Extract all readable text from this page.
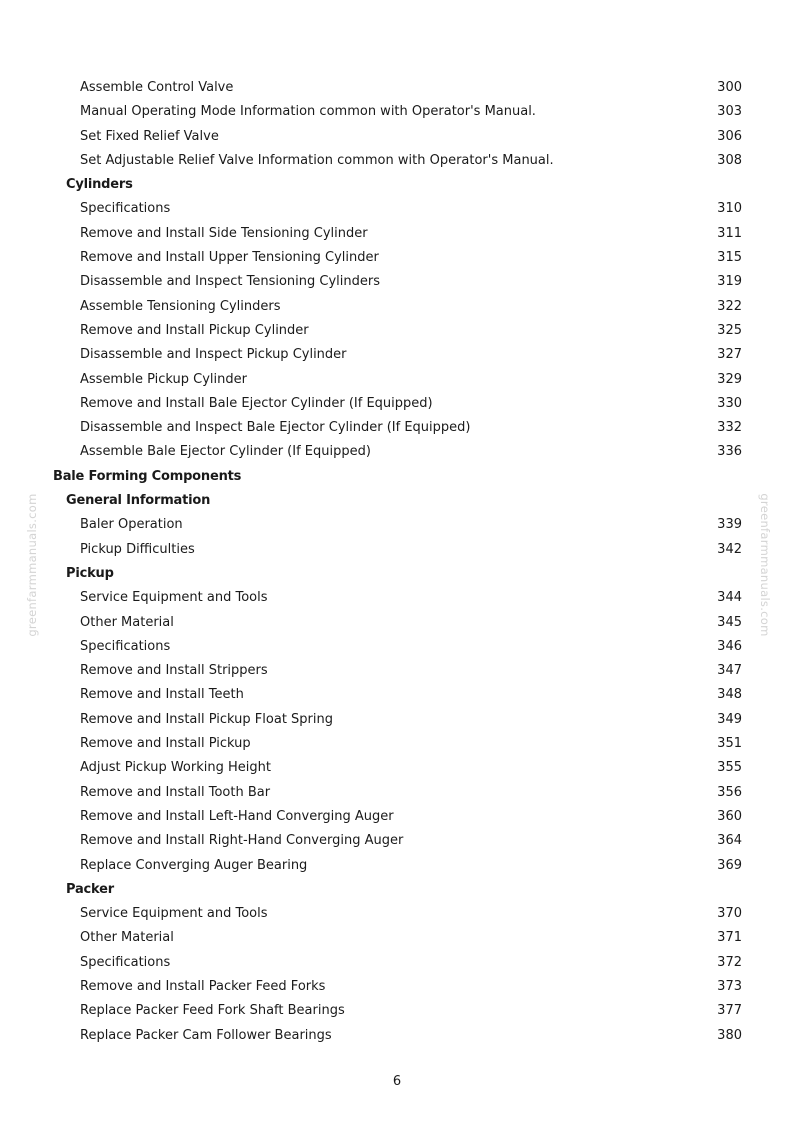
greenfarmmanuals.com	greenfarmmanuals.com
Assemble Control Valve	300
Manual Operating Mode Information common with Operator's Manual.	303
Set Fixed Relief Valve	306
Set Adjustable Relief Valve Information common with Operator's Manual.	308
Cylinders
Specifications	310
Remove and Install Side Tensioning Cylinder	311
Remove and Install Upper Tensioning Cylinder	315
Disassemble and Inspect Tensioning Cylinders	319
Assemble Tensioning Cylinders	322
Remove and Install Pickup Cylinder	325
Disassemble and Inspect Pickup Cylinder	327
Assemble Pickup Cylinder	329
Remove and Install Bale Ejector Cylinder (If Equipped)	330
Disassemble and Inspect Bale Ejector Cylinder (If Equipped)	332
Assemble Bale Ejector Cylinder (If Equipped)	336
Bale Forming Components
General Information
Baler Operation	339
Pickup Difficulties	342
Pickup
Service Equipment and Tools	344
Other Material	345
Specifications	346
Remove and Install Strippers	347
Remove and Install Teeth	348
Remove and Install Pickup Float Spring	349
Remove and Install Pickup	351
Adjust Pickup Working Height	355
Remove and Install Tooth Bar	356
Remove and Install Left-Hand Converging Auger	360
Remove and Install Right-Hand Converging Auger	364
Replace Converging Auger Bearing	369
Packer
Service Equipment and Tools	370
Other Material	371
Specifications	372
Remove and Install Packer Feed Forks	373
Replace Packer Feed Fork Shaft Bearings	377
Replace Packer Cam Follower Bearings	380
6
